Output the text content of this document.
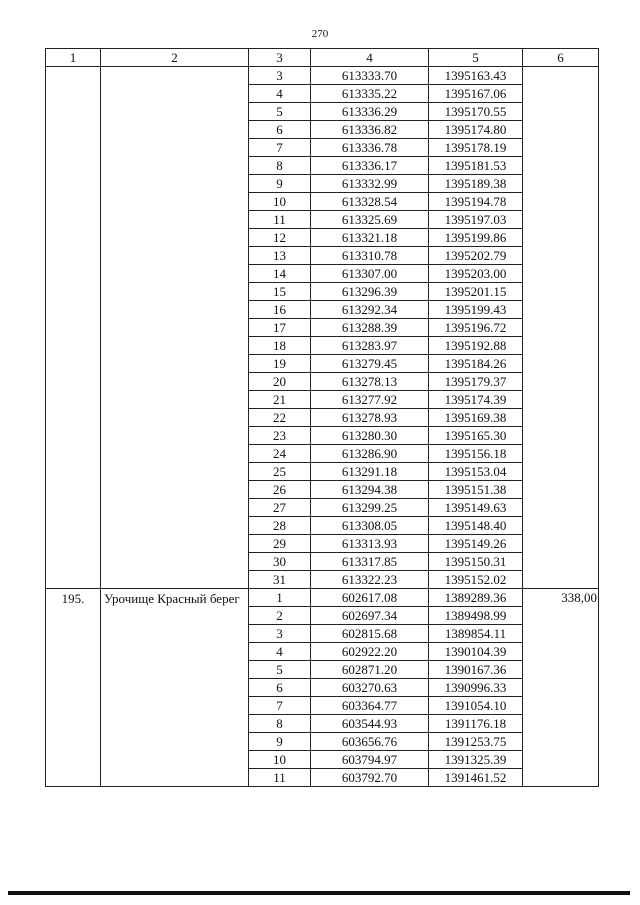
270
1	2	3	4	5	6
		3	613333.70	1395163.43	
		4	613335.22	1395167.06	
		5	613336.29	1395170.55	
		6	613336.82	1395174.80	
		7	613336.78	1395178.19	
		8	613336.17	1395181.53	
		9	613332.99	1395189.38	
		10	613328.54	1395194.78	
		11	613325.69	1395197.03	
		12	613321.18	1395199.86	
		13	613310.78	1395202.79	
		14	613307.00	1395203.00	
		15	613296.39	1395201.15	
		16	613292.34	1395199.43	
		17	613288.39	1395196.72	
		18	613283.97	1395192.88	
		19	613279.45	1395184.26	
		20	613278.13	1395179.37	
		21	613277.92	1395174.39	
		22	613278.93	1395169.38	
		23	613280.30	1395165.30	
		24	613286.90	1395156.18	
		25	613291.18	1395153.04	
		26	613294.38	1395151.38	
		27	613299.25	1395149.63	
		28	613308.05	1395148.40	
		29	613313.93	1395149.26	
		30	613317.85	1395150.31	
		31	613322.23	1395152.02	
195.	Урочище Красный берег	1	602617.08	1389289.36	338,00
		2	602697.34	1389498.99	
		3	602815.68	1389854.11	
		4	602922.20	1390104.39	
		5	602871.20	1390167.36	
		6	603270.63	1390996.33	
		7	603364.77	1391054.10	
		8	603544.93	1391176.18	
		9	603656.76	1391253.75	
		10	603794.97	1391325.39	
		11	603792.70	1391461.52	
